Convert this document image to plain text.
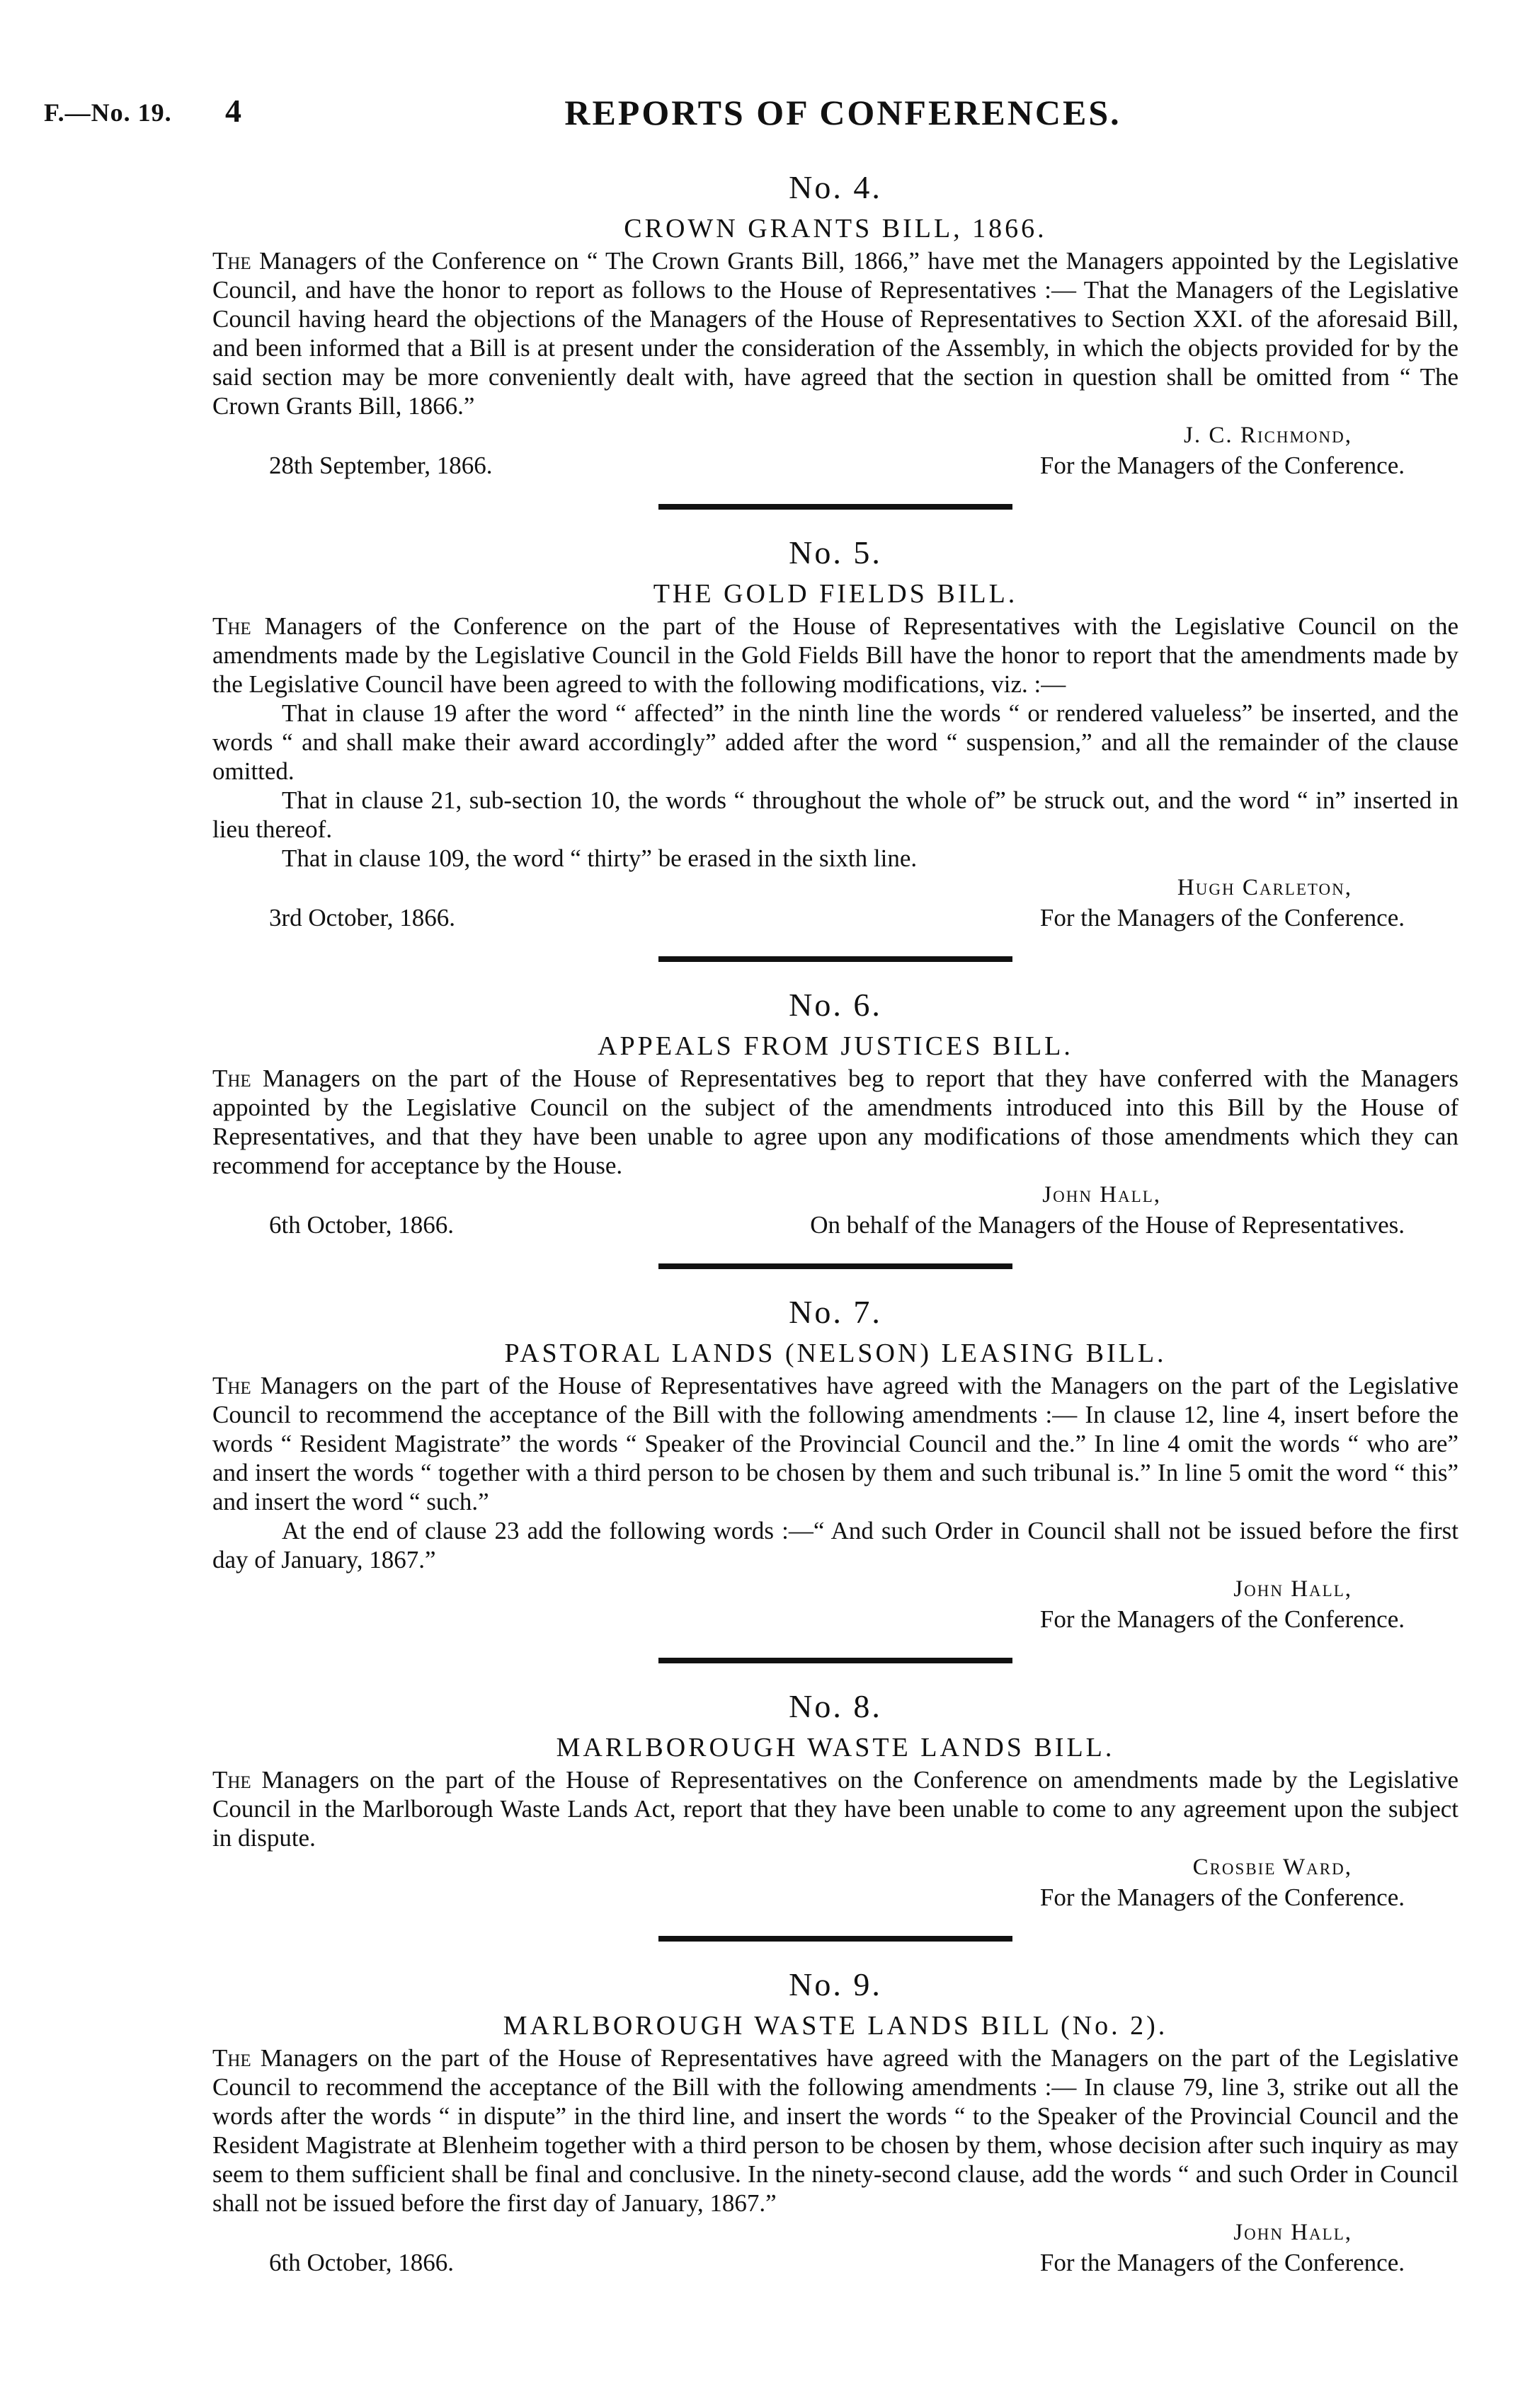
F.—No. 19. 4	REPORTS OF CONFERENCES.
No. 4.
CROWN GRANTS BILL, 1866.

The Managers of the Conference on “ The Crown Grants Bill, 1866,” have met the Managers appointed by the Legislative Council, and have the honor to report as follows to the House of Representatives :— That the Managers of the Legislative Council having heard the objections of the Managers of the House of Representatives to Section XXI. of the aforesaid Bill, and been informed that a Bill is at present under the consideration of the Assembly, in which the objects provided for by the said section may be more conveniently dealt with, have agreed that the section in question shall be omitted from “ The Crown Grants Bill, 1866.”

J. C. Richmond,
28th September, 1866.	For the Managers of the Conference.
No. 5.
THE GOLD FIELDS BILL.

The Managers of the Conference on the part of the House of Representatives with the Legislative Council on the amendments made by the Legislative Council in the Gold Fields Bill have the honor to report that the amendments made by the Legislative Council have been agreed to with the following modifications, viz. :—

That in clause 19 after the word “ affected” in the ninth line the words “ or rendered valueless” be inserted, and the words “ and shall make their award accordingly” added after the word “ suspension,” and all the remainder of the clause omitted.

That in clause 21, sub-section 10, the words “ throughout the whole of” be struck out, and the word “ in” inserted in lieu thereof.

That in clause 109, the word “ thirty” be erased in the sixth line.

Hugh Carleton,
3rd October, 1866.	For the Managers of the Conference.
No. 6.
APPEALS FROM JUSTICES BILL.

The Managers on the part of the House of Representatives beg to report that they have conferred with the Managers appointed by the Legislative Council on the subject of the amendments introduced into this Bill by the House of Representatives, and that they have been unable to agree upon any modifications of those amendments which they can recommend for acceptance by the House.

John Hall,
6th October, 1866.	On behalf of the Managers of the House of Representatives.
No. 7.
PASTORAL LANDS (NELSON) LEASING BILL.

The Managers on the part of the House of Representatives have agreed with the Managers on the part of the Legislative Council to recommend the acceptance of the Bill with the following amendments :— In clause 12, line 4, insert before the words “ Resident Magistrate” the words “ Speaker of the Provincial Council and the.” In line 4 omit the words “ who are” and insert the words “ together with a third person to be chosen by them and such tribunal is.” In line 5 omit the word “ this” and insert the word “ such.”

At the end of clause 23 add the following words :—“ And such Order in Council shall not be issued before the first day of January, 1867.”

John Hall,
For the Managers of the Conference.
No. 8.
MARLBOROUGH WASTE LANDS BILL.

The Managers on the part of the House of Representatives on the Conference on amendments made by the Legislative Council in the Marlborough Waste Lands Act, report that they have been unable to come to any agreement upon the subject in dispute.

Crosbie Ward,
For the Managers of the Conference.
No. 9.
MARLBOROUGH WASTE LANDS BILL (No. 2).

The Managers on the part of the House of Representatives have agreed with the Managers on the part of the Legislative Council to recommend the acceptance of the Bill with the following amendments :— In clause 79, line 3, strike out all the words after the words “ in dispute” in the third line, and insert the words “ to the Speaker of the Provincial Council and the Resident Magistrate at Blenheim together with a third person to be chosen by them, whose decision after such inquiry as may seem to them sufficient shall be final and conclusive. In the ninety-second clause, add the words “ and such Order in Council shall not be issued before the first day of January, 1867.”

John Hall,
6th October, 1866.	For the Managers of the Conference.
